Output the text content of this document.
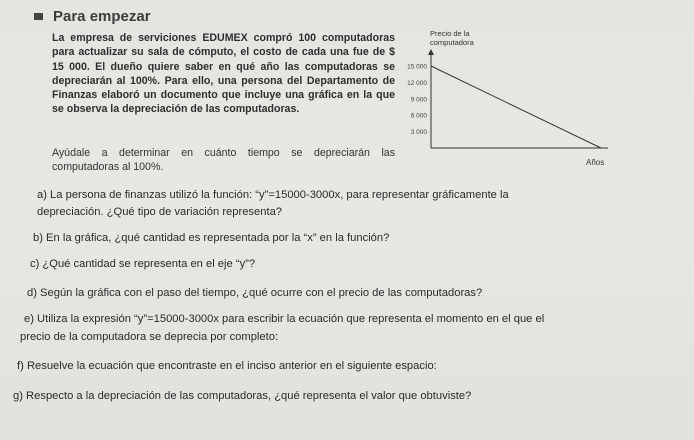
Para empezar
La empresa de serviciones EDUMEX compró 100 computadoras para actualizar su sala de cómputo, el costo de cada una fue de $ 15 000. El dueño quiere saber en qué año las computadoras se depreciarán al 100%. Para ello, una persona del Departamento de Finanzas elaboró un documento que incluye una gráfica en la que se observa la depreciación de las computadoras.
Ayúdale a determinar en cuánto tiempo se depreciarán las computadoras al 100%.
Precio de la
computadora
15 000
12 000
9 000
6 000
3 000
Años
a) La persona de finanzas utilizó la función: “y”=15000-3000x, para representar gráficamente la
depreciación. ¿Qué tipo de variación representa?
b) En la gráfica, ¿qué cantidad es representada por la “x” en la función?
c) ¿Qué cantidad se representa en el eje “y”?
d) Según la gráfica con el paso del tiempo, ¿qué ocurre con el precio de las computadoras?
e) Utiliza la expresión “y”=15000-3000x para escribir la ecuación que representa el momento en el que el
precio de la computadora se deprecia por completo:
f) Resuelve la ecuación que encontraste en el inciso anterior en el siguiente espacio:
g) Respecto a la depreciación de las computadoras, ¿qué representa el valor que obtuviste?
